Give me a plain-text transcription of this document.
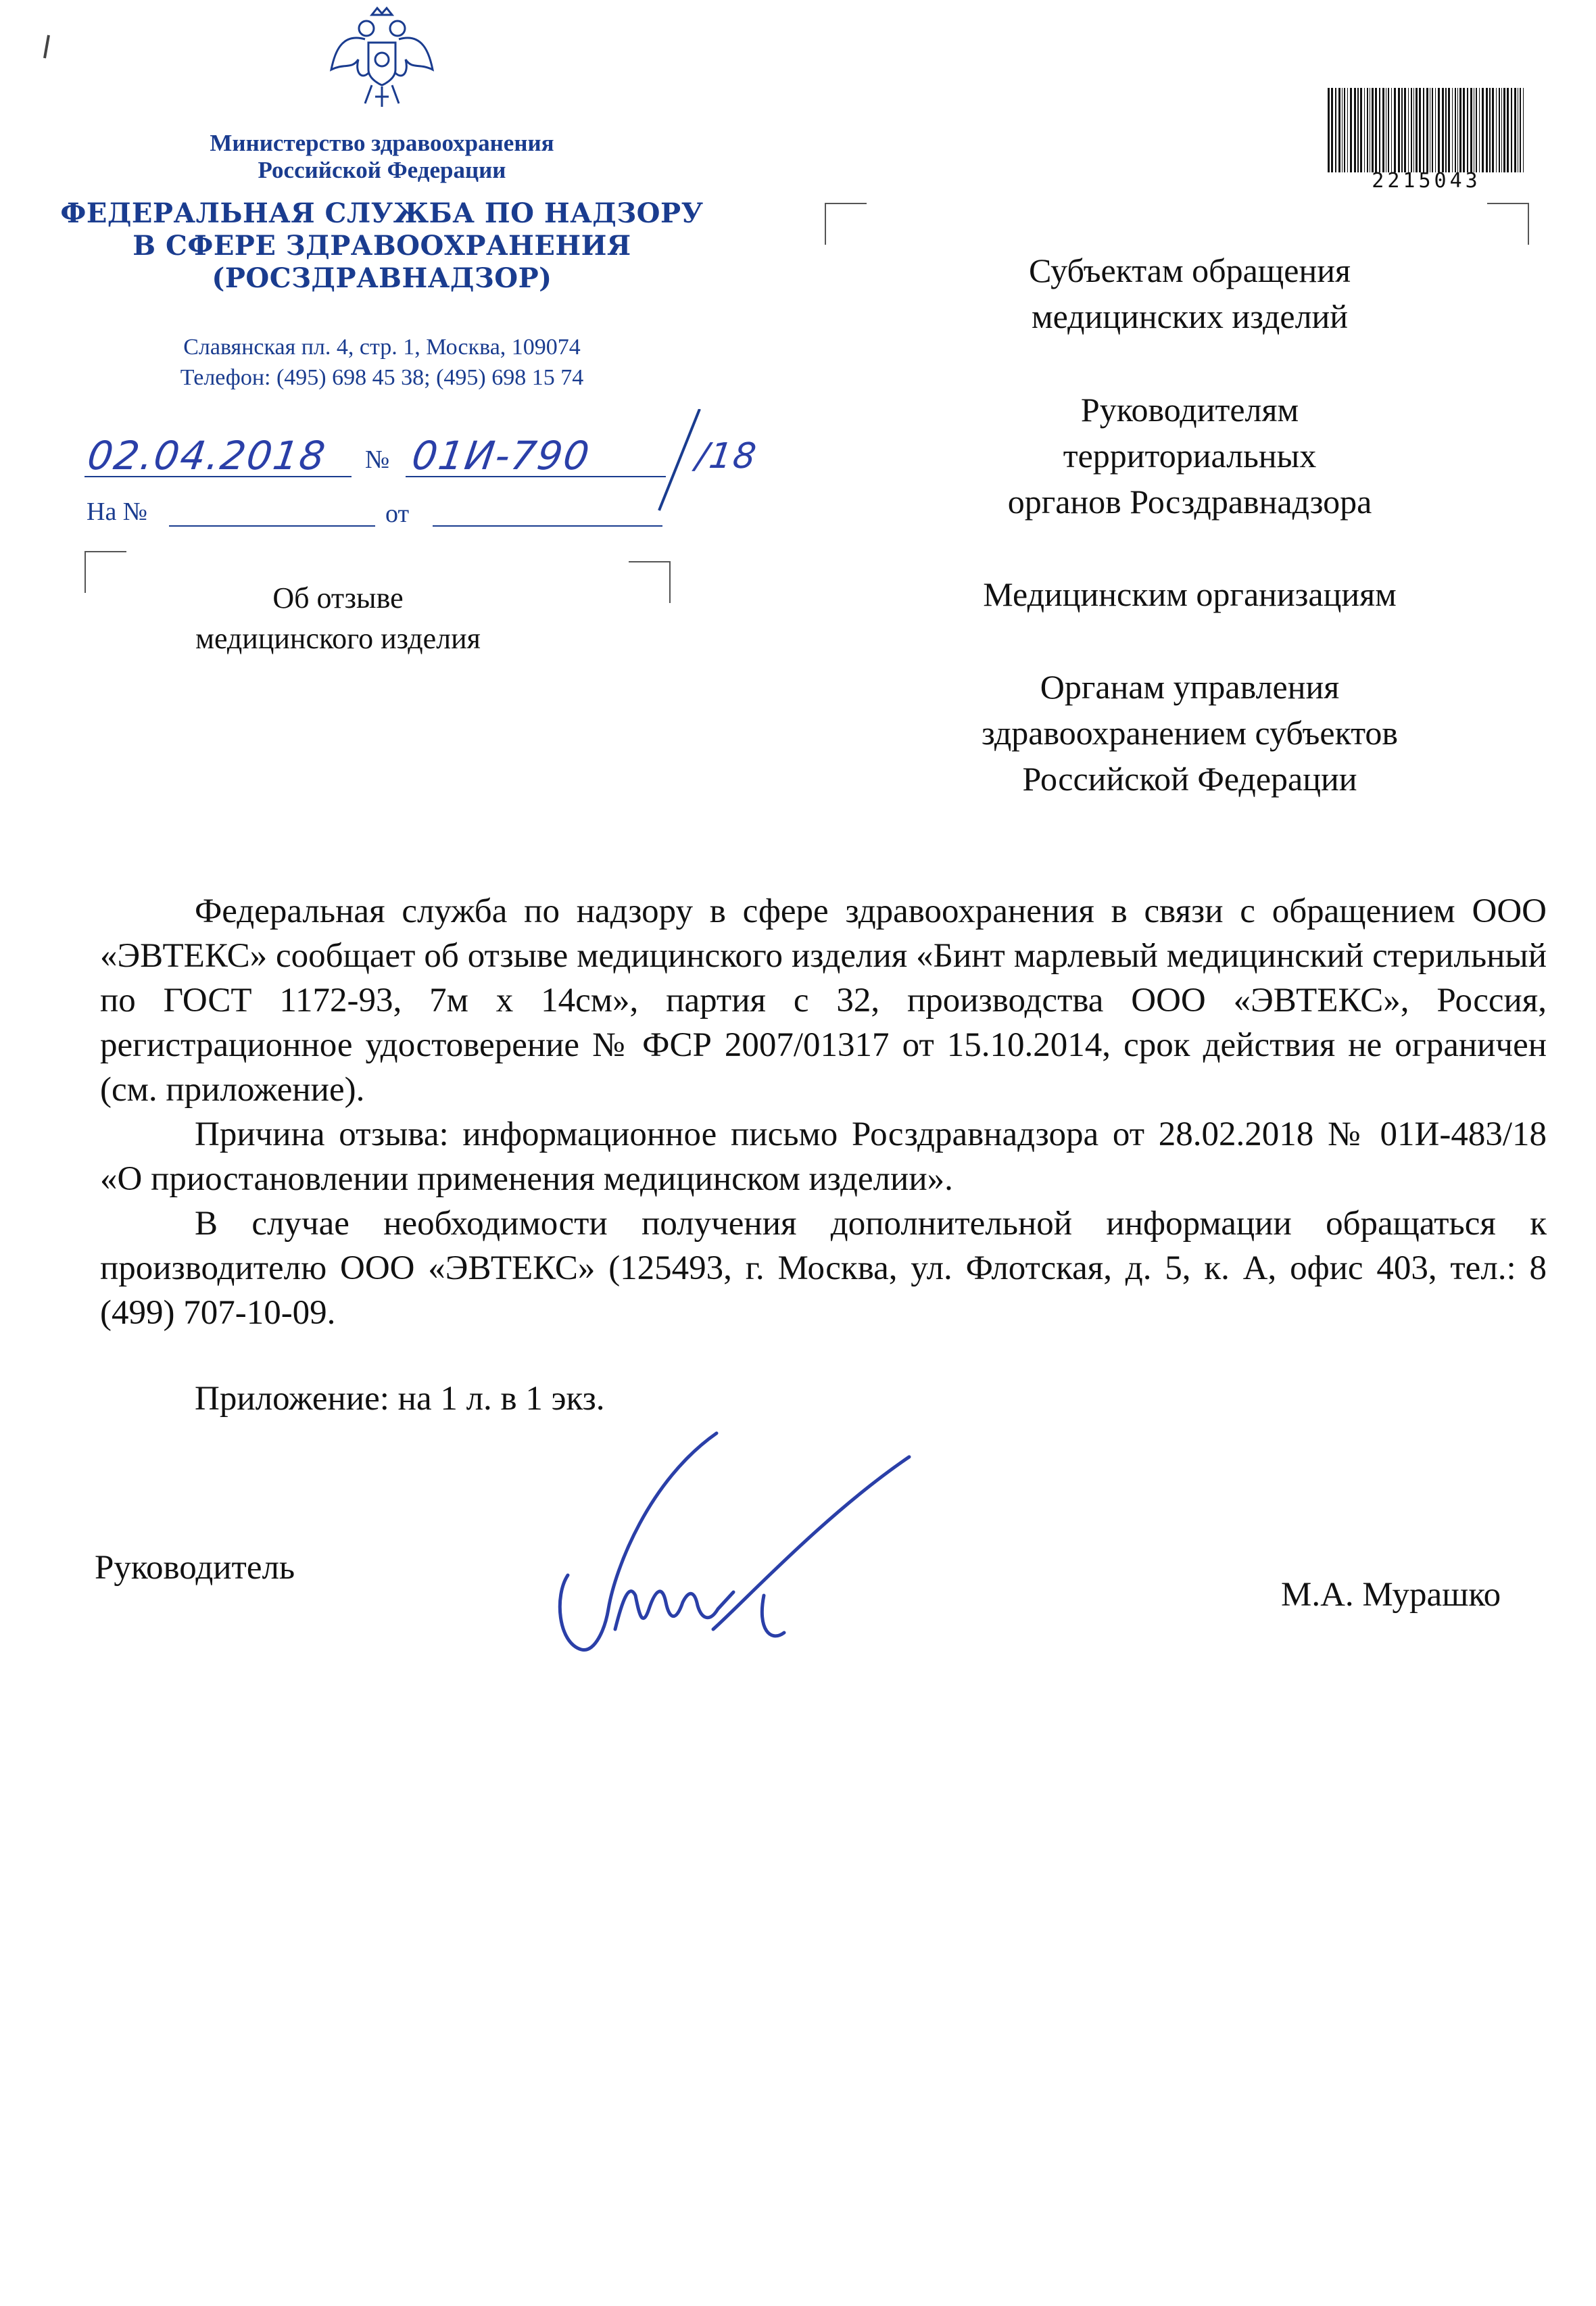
Министерство здравоохранения
Российской Федерации
ФЕДЕРАЛЬНАЯ СЛУЖБА ПО НАДЗОРУ
В СФЕРЕ ЗДРАВООХРАНЕНИЯ
(РОСЗДРАВНАДЗОР)
Славянская пл. 4, стр. 1, Москва, 109074
Телефон: (495) 698 45 38; (495) 698 15 74
02.04.2018 № 01И-790	/18
На №	от
2215043
Субъектам обращения
медицинских изделий
Руководителям
территориальных
органов Росздравнадзора
Медицинским организациям
Органам управления
здравоохранением субъектов
Российской Федерации
Об отзыве
медицинского изделия

Федеральная служба по надзору в сфере здравоохранения в связи с обращением ООО «ЭВТЕКС» сообщает об отзыве медицинского изделия «Бинт марлевый медицинский стерильный по ГОСТ 1172-93, 7м х 14см», партия с 32, производства ООО «ЭВТЕКС», Россия, регистрационное удостоверение № ФСР 2007/01317 от 15.10.2014, срок действия не ограничен (см. приложение).

Причина отзыва: информационное письмо Росздравнадзора от 28.02.2018 № 01И-483/18 «О приостановлении применения медицинском изделии».

В случае необходимости получения дополнительной информации обращаться к производителю ООО «ЭВТЕКС» (125493, г. Москва, ул. Флотская, д. 5, к. А, офис 403, тел.: 8 (499) 707-10-09.

Приложение: на 1 л. в 1 экз.
Руководитель
М.А. Мурашко
